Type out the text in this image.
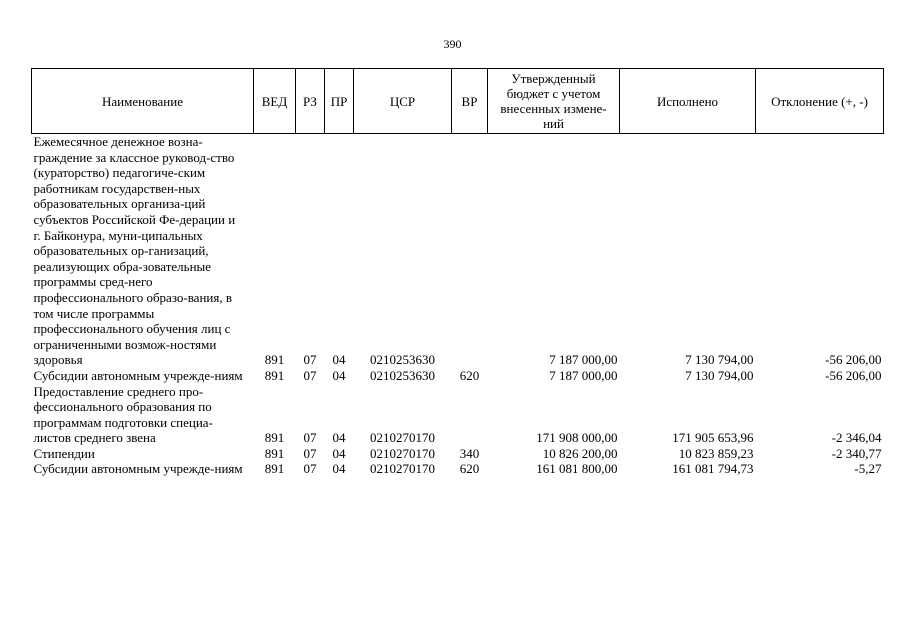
390
Наименование	ВЕД	РЗ	ПР	ЦСР	ВР	Утвержденный бюджет с учетом внесенных измене-ний	Исполнено	Отклонение (+, -)
Ежемесячное денежное возна-граждение за классное руковод-ство (кураторство) педагогиче-ским работникам государствен-ных образовательных организа-ций субъектов Российской Фе-дерации и г. Байконура, муни-ципальных образовательных ор-ганизаций, реализующих обра-зовательные программы сред-него профессионального образо-вания, в том числе программы профессионального обучения лиц с ограниченными возмож-ностями здоровья	891	07	04	0210253630		7 187 000,00	7 130 794,00	-56 206,00
Субсидии автономным учрежде-ниям	891	07	04	0210253630	620	7 187 000,00	7 130 794,00	-56 206,00
Предоставление среднего про-фессионального образования по программам подготовки специа-листов среднего звена	891	07	04	0210270170		171 908 000,00	171 905 653,96	-2 346,04
Стипендии	891	07	04	0210270170	340	10 826 200,00	10 823 859,23	-2 340,77
Субсидии автономным учрежде-ниям	891	07	04	0210270170	620	161 081 800,00	161 081 794,73	-5,27
